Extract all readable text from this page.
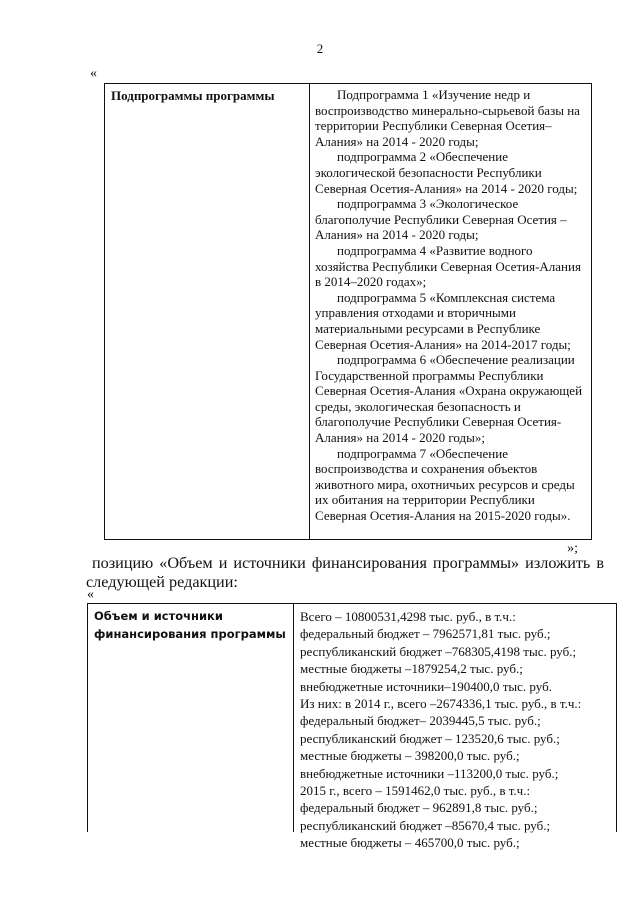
2
«
Подпрограммы программы	Подпрограмма 1 «Изучение недр и воспроизводство минерально-сырьевой базы на территории Республики Северная Осетия–Алания» на 2014 - 2020 годы;

подпрограмма 2 «Обеспечение экологической безопасности Республики Северная Осетия-Алания» на 2014 - 2020 годы;

подпрограмма 3 «Экологическое благополучие Республики Северная Осетия – Алания» на 2014 - 2020 годы;

подпрограмма 4 «Развитие водного хозяйства Республики Северная Осетия-Алания в 2014–2020 годах»;

подпрограмма 5 «Комплексная система управления отходами и вторичными материальными ресурсами в Республике Северная Осетия-Алания» на 2014-2017 годы;

подпрограмма 6 «Обеспечение реализации Государственной программы Республики Северная Осетия-Алания «Охрана окружающей среды, экологическая безопасность и благополучие Республики Северная Осетия-Алания» на 2014 - 2020 годы»;

подпрограмма 7 «Обеспечение воспроизводства и сохранения объектов животного мира, охотничьих ресурсов и среды их обитания на территории Республики Северная Осетия-Алания на 2015-2020 годы».

»;
позицию «Объем и источники финансирования программы» изложить в следующей редакции:
«
Объем и источники финансирования программы
Всего – 10800531,4298 тыс. руб., в т.ч.:
федеральный бюджет – 7962571,81 тыс. руб.;
республиканский бюджет –768305,4198 тыс. руб.;
местные бюджеты –1879254,2 тыс. руб.;
внебюджетные источники–190400,0 тыс. руб.
Из них: в 2014 г., всего –2674336,1 тыс. руб., в т.ч.:
федеральный бюджет– 2039445,5 тыс. руб.;
республиканский бюджет – 123520,6 тыс. руб.;
местные бюджеты – 398200,0 тыс. руб.;
внебюджетные источники –113200,0 тыс. руб.;
2015 г., всего – 1591462,0 тыс. руб., в т.ч.:
федеральный бюджет – 962891,8 тыс. руб.;
республиканский бюджет –85670,4 тыс. руб.;
местные бюджеты – 465700,0 тыс. руб.;
